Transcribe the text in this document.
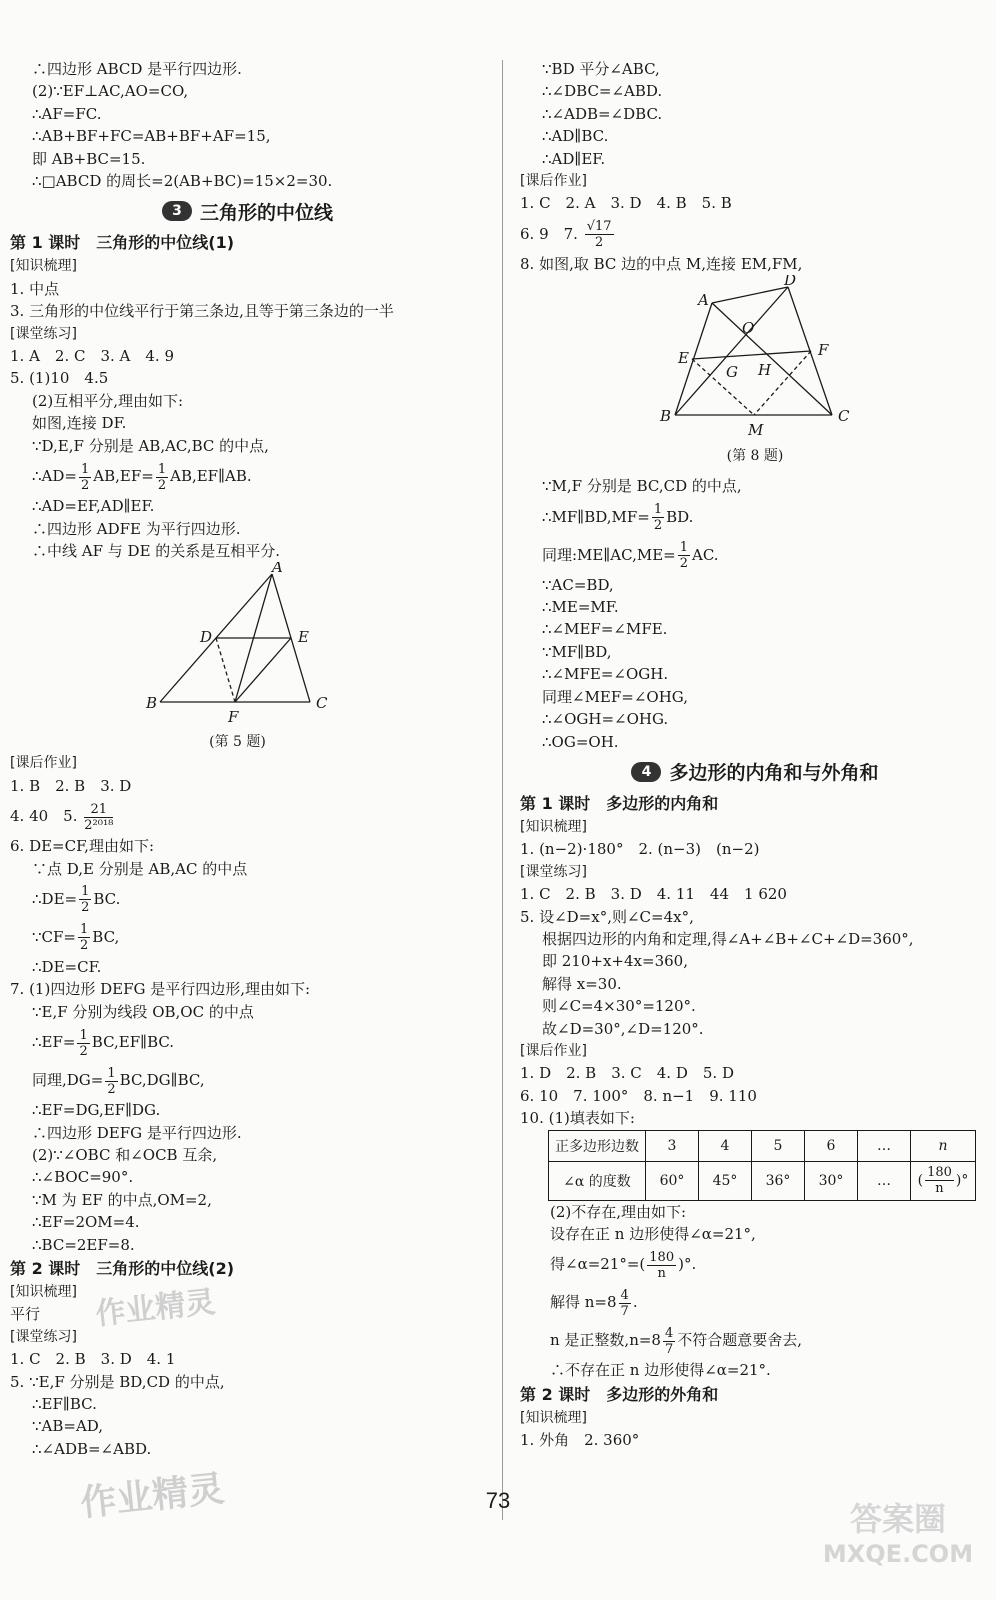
∴四边形 ABCD 是平行四边形.
(2)∵EF⊥AC,AO=CO,
∴AF=FC.
∴AB+BF+FC=AB+BF+AF=15,
即 AB+BC=15.
∴□ABCD 的周长=2(AB+BC)=15×2=30.
3 三角形的中位线
第 1 课时　三角形的中位线(1)
[知识梳理]
1. 中点
3. 三角形的中位线平行于第三条边,且等于第三条边的一半
[课堂练习]
1. A　2. C　3. A　4. 9
5. (1)10　4.5
(2)互相平分,理由如下:
如图,连接 DF.
∵D,E,F 分别是 AB,AC,BC 的中点,
∴AD= $\frac{1}{2} AB,EF= \frac{1}{2}$ AB,EF∥AB.
∴AD=EF,AD∥EF.
∴四边形 ADFE 为平行四边形.
∴中线 AF 与 DE 的关系是互相平分.
A
B	C
D	E
F
(第 5 题)
[课后作业]
1. B　2. B　3. D
4. 40　5. $\frac{21}{\text{2²⁰¹⁸}}$
6. DE=CF,理由如下:
∵点 D,E 分别是 AB,AC 的中点
∴DE= $\frac{1}{2}$ BC.
∵CF= $\frac{1}{2}$ BC,
∴DE=CF.
7. (1)四边形 DEFG 是平行四边形,理由如下:
∵E,F 分别为线段 OB,OC 的中点
∴EF= $\frac{1}{2}$ BC,EF∥BC.
同理$,DG= \frac{1}{2}$ BC,DG∥BC,
∴EF=DG,EF∥DG.
∴四边形 DEFG 是平行四边形.
(2)∵∠OBC 和∠OCB 互余,
∴∠BOC=90°.
∵M 为 EF 的中点,OM=2,
∴EF=2OM=4.
∴BC=2EF=8.
第 2 课时　三角形的中位线(2)
[知识梳理]
平行
[课堂练习]
1. C　2. B　3. D　4. 1
5. ∵E,F 分别是 BD,CD 的中点,
∴EF∥BC.
∵AB=AD,
∴∠ADB=∠ABD.
∵BD 平分∠ABC,
∴∠DBC=∠ABD.
∴∠ADB=∠DBC.
∴AD∥BC.
∴AD∥EF.
[课后作业]
1. C　2. A　3. D　4. B　5. B
6. 9　7. $\frac{√17}{2}$
8. 如图,取 BC 边的中点 M,连接 EM,FM,
A
D
O
E	F
G H
B	C
M
(第 8 题)
∵M,F 分别是 BC,CD 的中点,
∴MF∥BD,MF= $\frac{1}{2}$ BD.
同理:ME∥AC,ME= $\frac{1}{2}$ AC.
∵AC=BD,
∴ME=MF.
∴∠MEF=∠MFE.
∵MF∥BD,
∴∠MFE=∠OGH.
同理∠MEF=∠OHG,
∴∠OGH=∠OHG.
∴OG=OH.
4 多边形的内角和与外角和
第 1 课时　多边形的内角和
[知识梳理]
1. (n−2)·180°　2. (n−3)　(n−2)
[课堂练习]
1. C　2. B　3. D　4. 11　44　1 620
5. 设∠D=x°,则∠C=4x°,
根据四边形的内角和定理,得∠A+∠B+∠C+∠D=360°,
即 210+x+4x=360,
解得 x=30.
则∠C=4×30°=120°.
故∠D=30°,∠D=120°.
[课后作业]
1. D　2. B　3. C　4. D　5. D
6. 10　7. 100°　8. n−1　9. 110
10. (1)填表如下:
正多边形边数	3	4	5	6	…	n
∠α 的度数	60°	45°	36°	30°	…	( $\frac{180}{n}$ )°
(2)不存在,理由如下:
设存在正 n 边形使得∠α=21°,
得∠α=21°=( $\frac{180}{n}$ )°.
解得 $n=8 \frac{4}{7}$ .
n 是正整数$,n=8 \frac{4}{7}$ 不符合题意要舍去,
∴不存在正 n 边形使得∠α=21°.
第 2 课时　多边形的外角和
[知识梳理]
1. 外角　2. 360°
73
作业精灵
作业精灵	答案圈
MXQE.COM
